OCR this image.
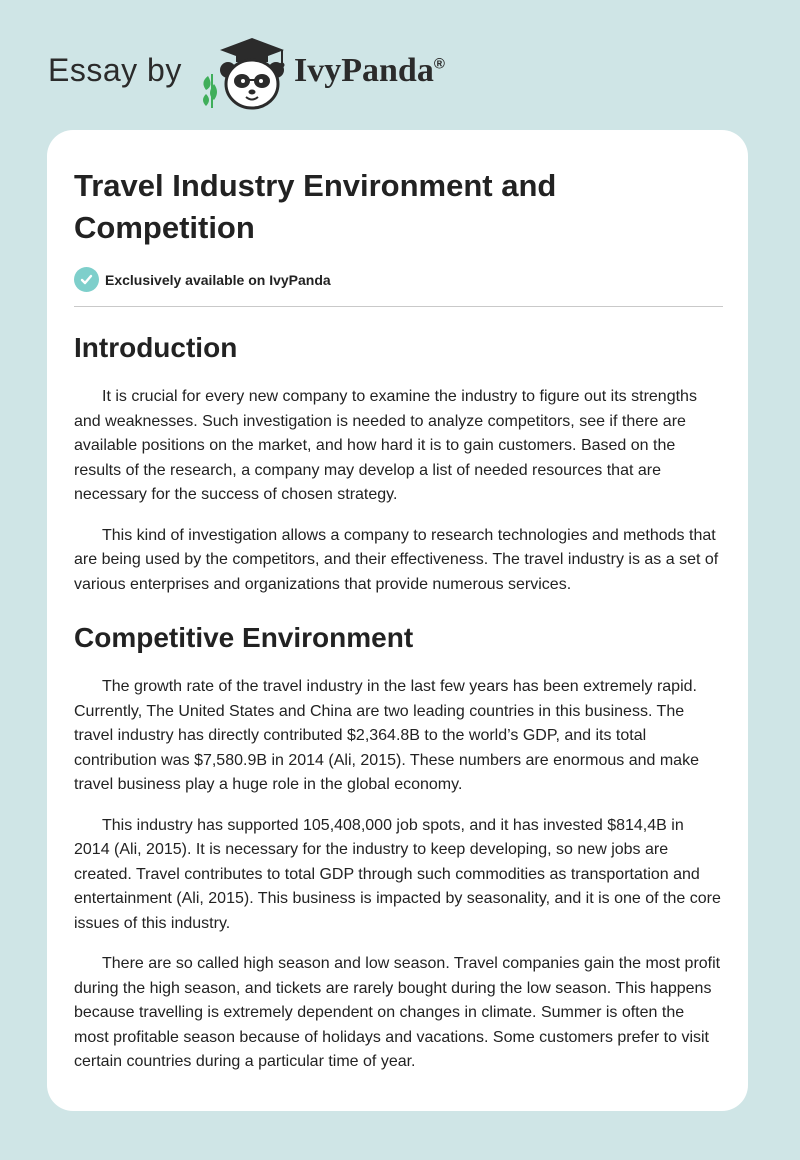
Essay by	IvyPanda®
Travel Industry Environment and Competition
Exclusively available on IvyPanda
Introduction

It is crucial for every new company to examine the industry to figure out its strengths and weaknesses. Such investigation is needed to analyze competitors, see if there are available positions on the market, and how hard it is to gain customers. Based on the results of the research, a company may develop a list of needed resources that are necessary for the success of chosen strategy.

This kind of investigation allows a company to research technologies and methods that are being used by the competitors, and their effectiveness. The travel industry is as a set of various enterprises and organizations that provide numerous services.

Competitive Environment

The growth rate of the travel industry in the last few years has been extremely rapid. Currently, The United States and China are two leading countries in this business. The travel industry has directly contributed $2,364.8B to the world’s GDP, and its total contribution was $7,580.9B in 2014 (Ali, 2015). These numbers are enormous and make travel business play a huge role in the global economy.

This industry has supported 105,408,000 job spots, and it has invested $814,4B in 2014 (Ali, 2015). It is necessary for the industry to keep developing, so new jobs are created. Travel contributes to total GDP through such commodities as transportation and entertainment (Ali, 2015). This business is impacted by seasonality, and it is one of the core issues of this industry.

There are so called high season and low season. Travel companies gain the most profit during the high season, and tickets are rarely bought during the low season. This happens because travelling is extremely dependent on changes in climate. Summer is often the most profitable season because of holidays and vacations. Some customers prefer to visit certain countries during a particular time of year.
